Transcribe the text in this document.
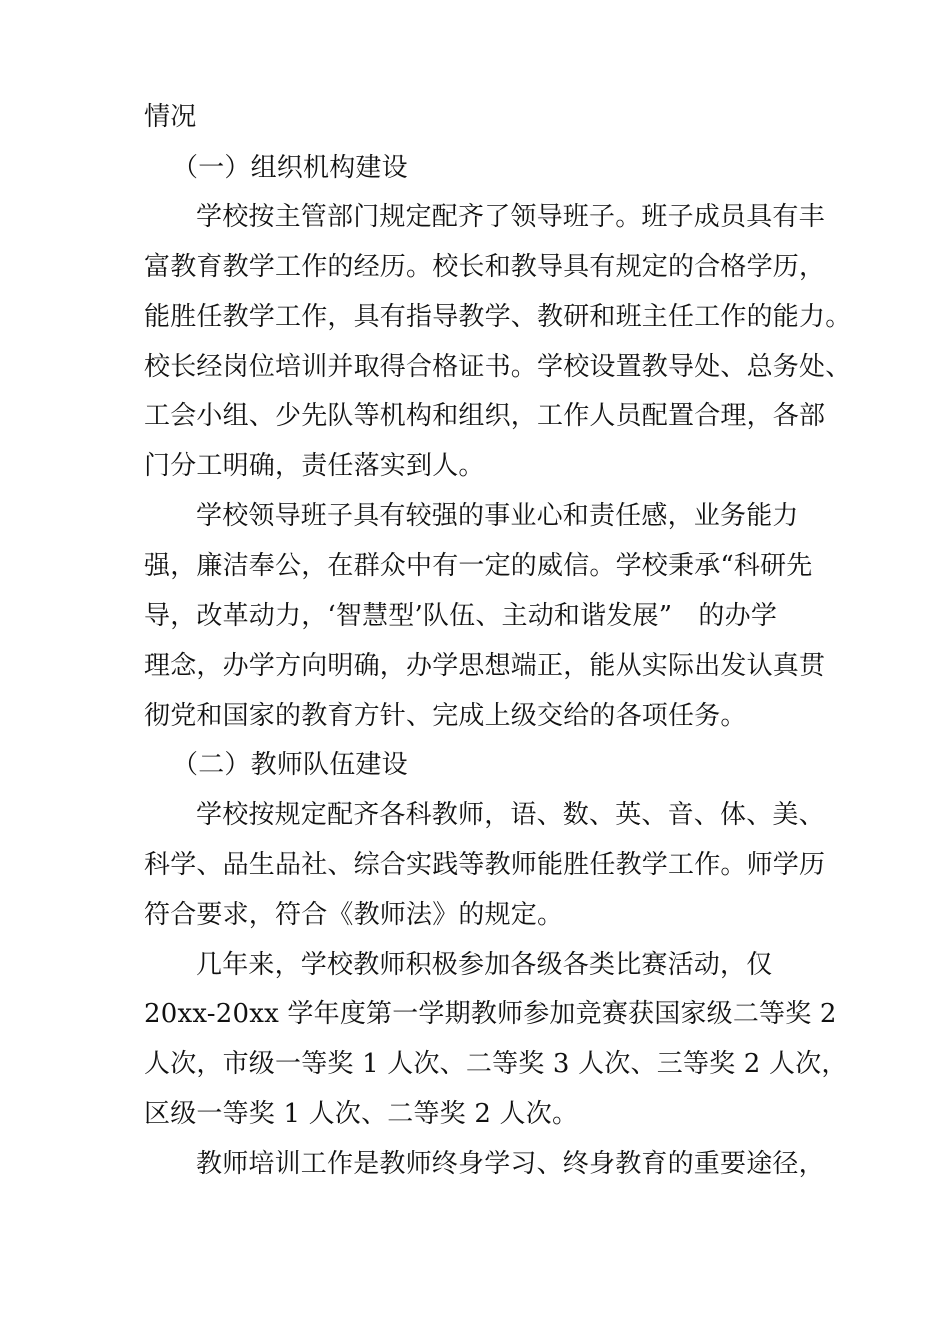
情况
（一）组织机构建设
学校按主管部门规定配齐了领导班子。班子成员具有丰
富教育教学工作的经历。校长和教导具有规定的合格学历，
能胜任教学工作，具有指导教学、教研和班主任工作的能力。
校长经岗位培训并取得合格证书。学校设置教导处、总务处、
工会小组、少先队等机构和组织，工作人员配置合理，各部
门分工明确，责任落实到人。
学校领导班子具有较强的事业心和责任感，业务能力
强，廉洁奉公，在群众中有一定的威信。学校秉承“科研先
导，改革动力，‘智慧型’队伍、主动和谐发展”　的办学
理念，办学方向明确，办学思想端正，能从实际出发认真贯
彻党和国家的教育方针、完成上级交给的各项任务。
（二）教师队伍建设
学校按规定配齐各科教师，语、数、英、音、体、美、
科学、品生品社、综合实践等教师能胜任教学工作。师学历
符合要求，符合《教师法》的规定。
几年来，学校教师积极参加各级各类比赛活动，仅
20xx-20xx 学年度第一学期教师参加竞赛获国家级二等奖 2
人次，市级一等奖 1 人次、二等奖 3 人次、三等奖 2 人次，
区级一等奖 1 人次、二等奖 2 人次。
教师培训工作是教师终身学习、终身教育的重要途径，
